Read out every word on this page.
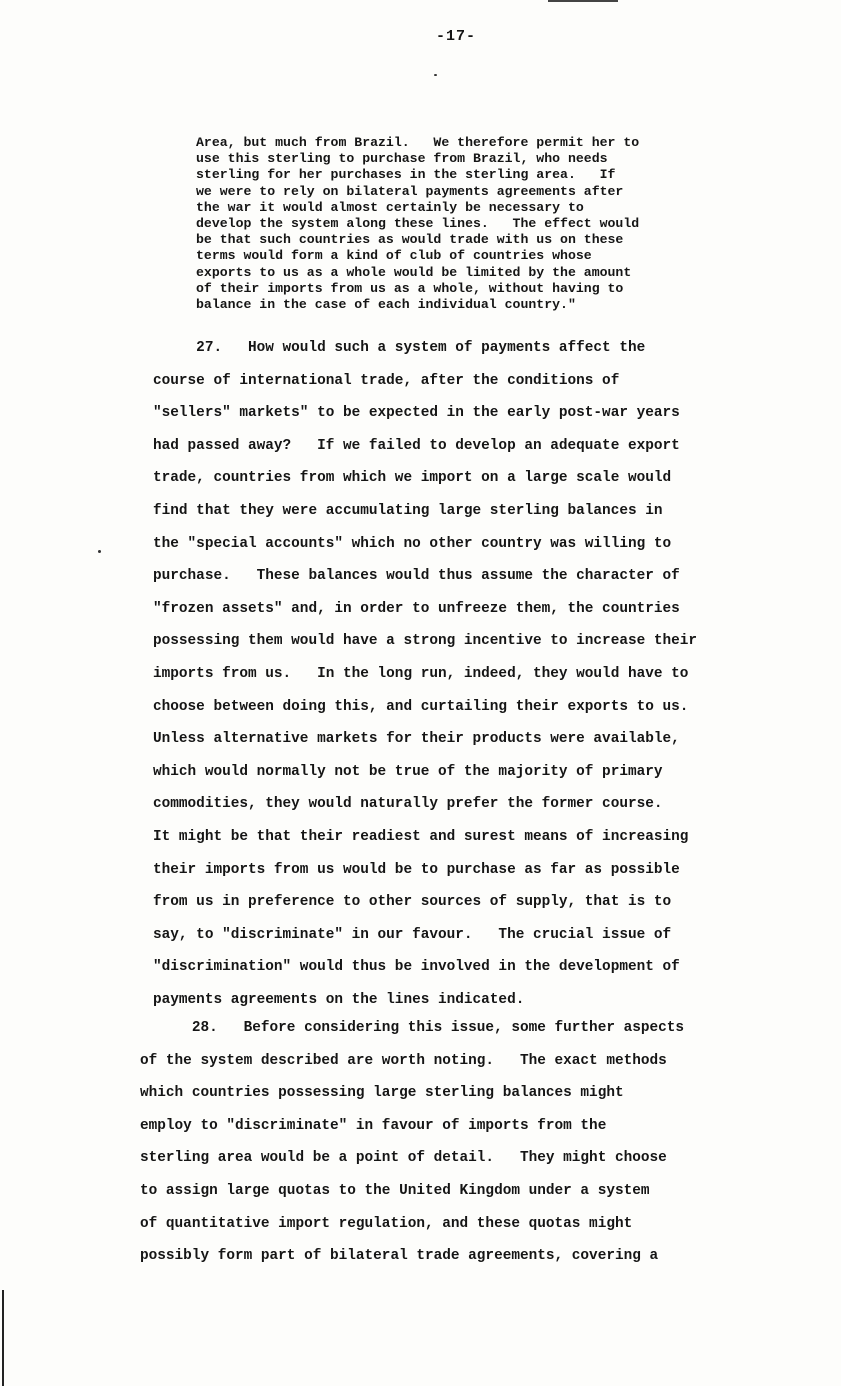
-17-
Area, but much from Brazil.   We therefore permit her to
use this sterling to purchase from Brazil, who needs
sterling for her purchases in the sterling area.   If
we were to rely on bilateral payments agreements after
the war it would almost certainly be necessary to
develop the system along these lines.   The effect would
be that such countries as would trade with us on these
terms would form a kind of club of countries whose
exports to us as a whole would be limited by the amount
of their imports from us as a whole, without having to
balance in the case of each individual country."
27.   How would such a system of payments affect the
course of international trade, after the conditions of
"sellers" markets" to be expected in the early post-war years
had passed away?   If we failed to develop an adequate export
trade, countries from which we import on a large scale would
find that they were accumulating large sterling balances in
the "special accounts" which no other country was willing to
purchase.   These balances would thus assume the character of
"frozen assets" and, in order to unfreeze them, the countries
possessing them would have a strong incentive to increase their
imports from us.   In the long run, indeed, they would have to
choose between doing this, and curtailing their exports to us.
Unless alternative markets for their products were available,
which would normally not be true of the majority of primary
commodities, they would naturally prefer the former course.
It might be that their readiest and surest means of increasing
their imports from us would be to purchase as far as possible
from us in preference to other sources of supply, that is to
say, to "discriminate" in our favour.   The crucial issue of
"discrimination" would thus be involved in the development of
payments agreements on the lines indicated.
28.   Before considering this issue, some further aspects
of the system described are worth noting.   The exact methods
which countries possessing large sterling balances might
employ to "discriminate" in favour of imports from the
sterling area would be a point of detail.   They might choose
to assign large quotas to the United Kingdom under a system
of quantitative import regulation, and these quotas might
possibly form part of bilateral trade agreements, covering a
